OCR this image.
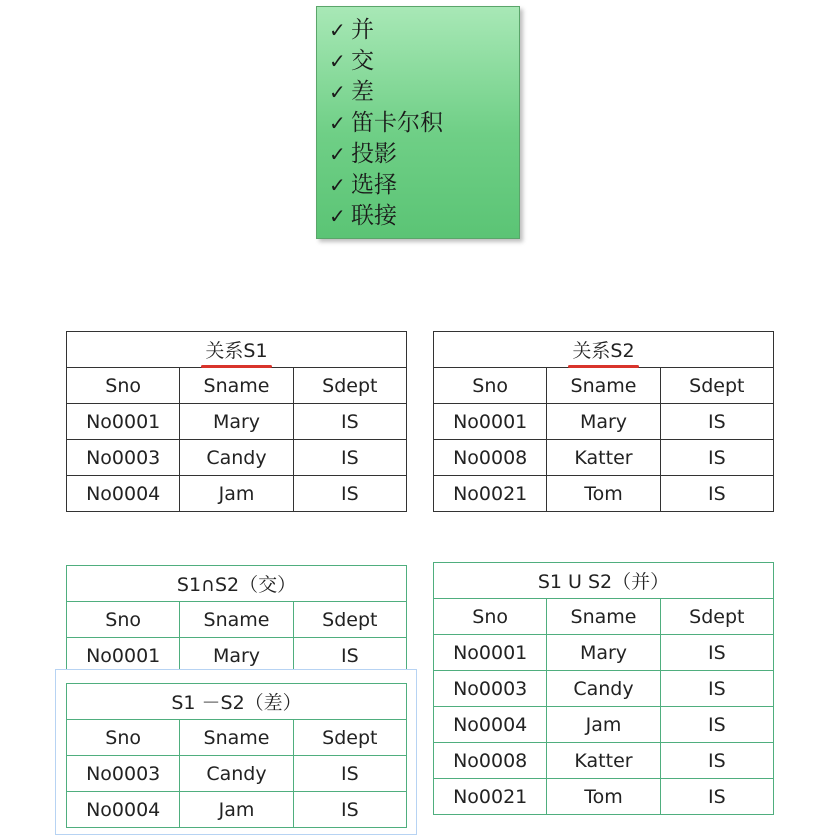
✓ 并
✓ 交
✓ 差
✓ 笛卡尔积
✓ 投影
✓ 选择
✓ 联接
关系S1		
Sno	Sname	Sdept
No0001	Mary	IS
No0003	Candy	IS
No0004	Jam	IS
关系S2		
Sno	Sname	Sdept
No0001	Mary	IS
No0008	Katter	IS
No0021	Tom	IS
S1∩S2（交）		
Sno	Sname	Sdept
No0001	Mary	IS
S1 U S2（并）		
Sno	Sname	Sdept
No0001	Mary	IS
No0003	Candy	IS
No0004	Jam	IS
No0008	Katter	IS
No0021	Tom	IS
S1 －S2（差）		
Sno	Sname	Sdept
No0003	Candy	IS
No0004	Jam	IS
